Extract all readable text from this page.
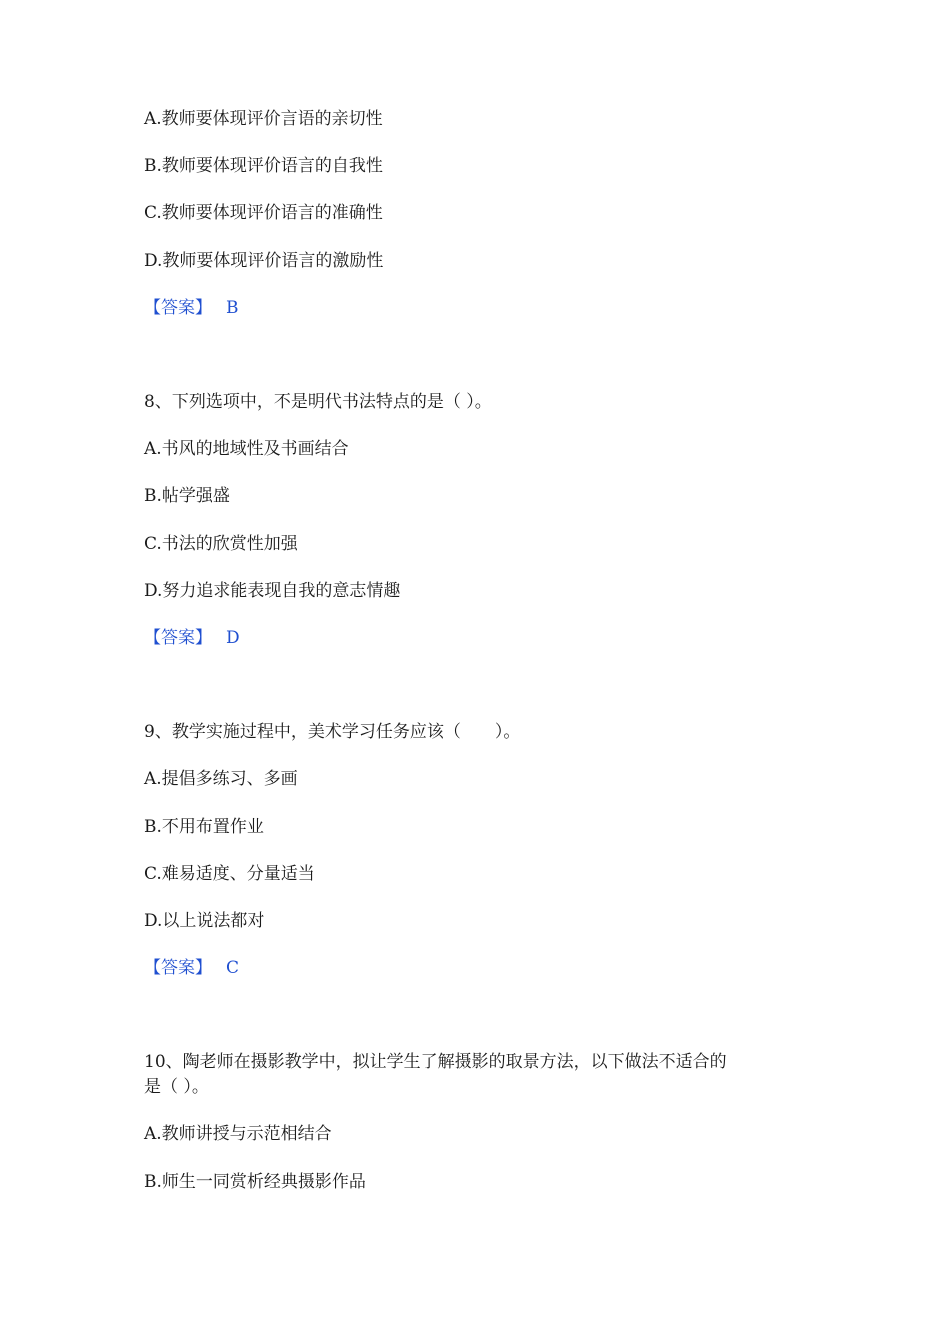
A.教师要体现评价言语的亲切性
B.教师要体现评价语言的自我性
C.教师要体现评价语言的准确性
D.教师要体现评价语言的激励性
【答案】 B
8、下列选项中，不是明代书法特点的是（ ）。
A.书风的地域性及书画结合
B.帖学强盛
C.书法的欣赏性加强
D.努力追求能表现自我的意志情趣
【答案】 D
9、教学实施过程中，美术学习任务应该（　　）。
A.提倡多练习、多画
B.不用布置作业
C.难易适度、分量适当
D.以上说法都对
【答案】 C
10、陶老师在摄影教学中，拟让学生了解摄影的取景方法，以下做法不适合的
是（ ）。
A.教师讲授与示范相结合
B.师生一同赏析经典摄影作品
